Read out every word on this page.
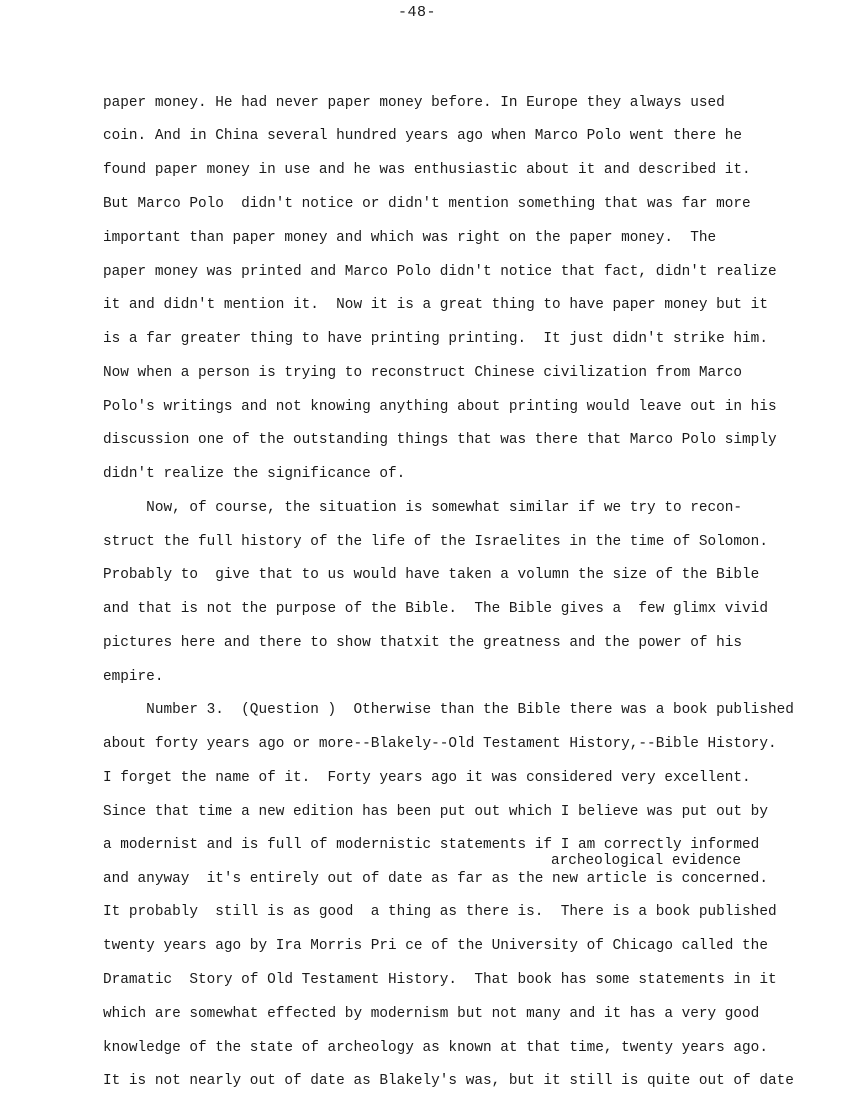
-48-
paper money. He had never paper money before. In Europe they always used
coin. And in China several hundred years ago when Marco Polo went there he
found paper money in use and he was enthusiastic about it and described it.
But Marco Polo  didn't notice or didn't mention something that was far more
important than paper money and which was right on the paper money.  The
paper money was printed and Marco Polo didn't notice that fact, didn't realize
it and didn't mention it.  Now it is a great thing to have paper money but it
is a far greater thing to have printing printing.  It just didn't strike him.
Now when a person is trying to reconstruct Chinese civilization from Marco
Polo's writings and not knowing anything about printing would leave out in his
discussion one of the outstanding things that was there that Marco Polo simply
didn't realize the significance of.
Now, of course, the situation is somewhat similar if we try to recon-
struct the full history of the life of the Israelites in the time of Solomon.
Probably to  give that to us would have taken a volumn the size of the Bible
and that is not the purpose of the Bible.  The Bible gives a  few glimx vivid
pictures here and there to show thatxit the greatness and the power of his
empire.
Number 3.  (Question )  Otherwise than the Bible there was a book published
about forty years ago or more--Blakely--Old Testament History,--Bible History.
I forget the name of it.  Forty years ago it was considered very excellent.
Since that time a new edition has been put out which I believe was put out by
a modernist and is full of modernistic statements if I am correctly informed
archeological evidence
and anyway  it's entirely out of date as far as the new article is concerned.
It probably  still is as good  a thing as there is.  There is a book published
twenty years ago by Ira Morris Pri ce of the University of Chicago called the
Dramatic  Story of Old Testament History.  That book has some statements in it
which are somewhat effected by modernism but not many and it has a very good
knowledge of the state of archeology as known at that time, twenty years ago.
It is not nearly out of date as Blakely's was, but it still is quite out of date
